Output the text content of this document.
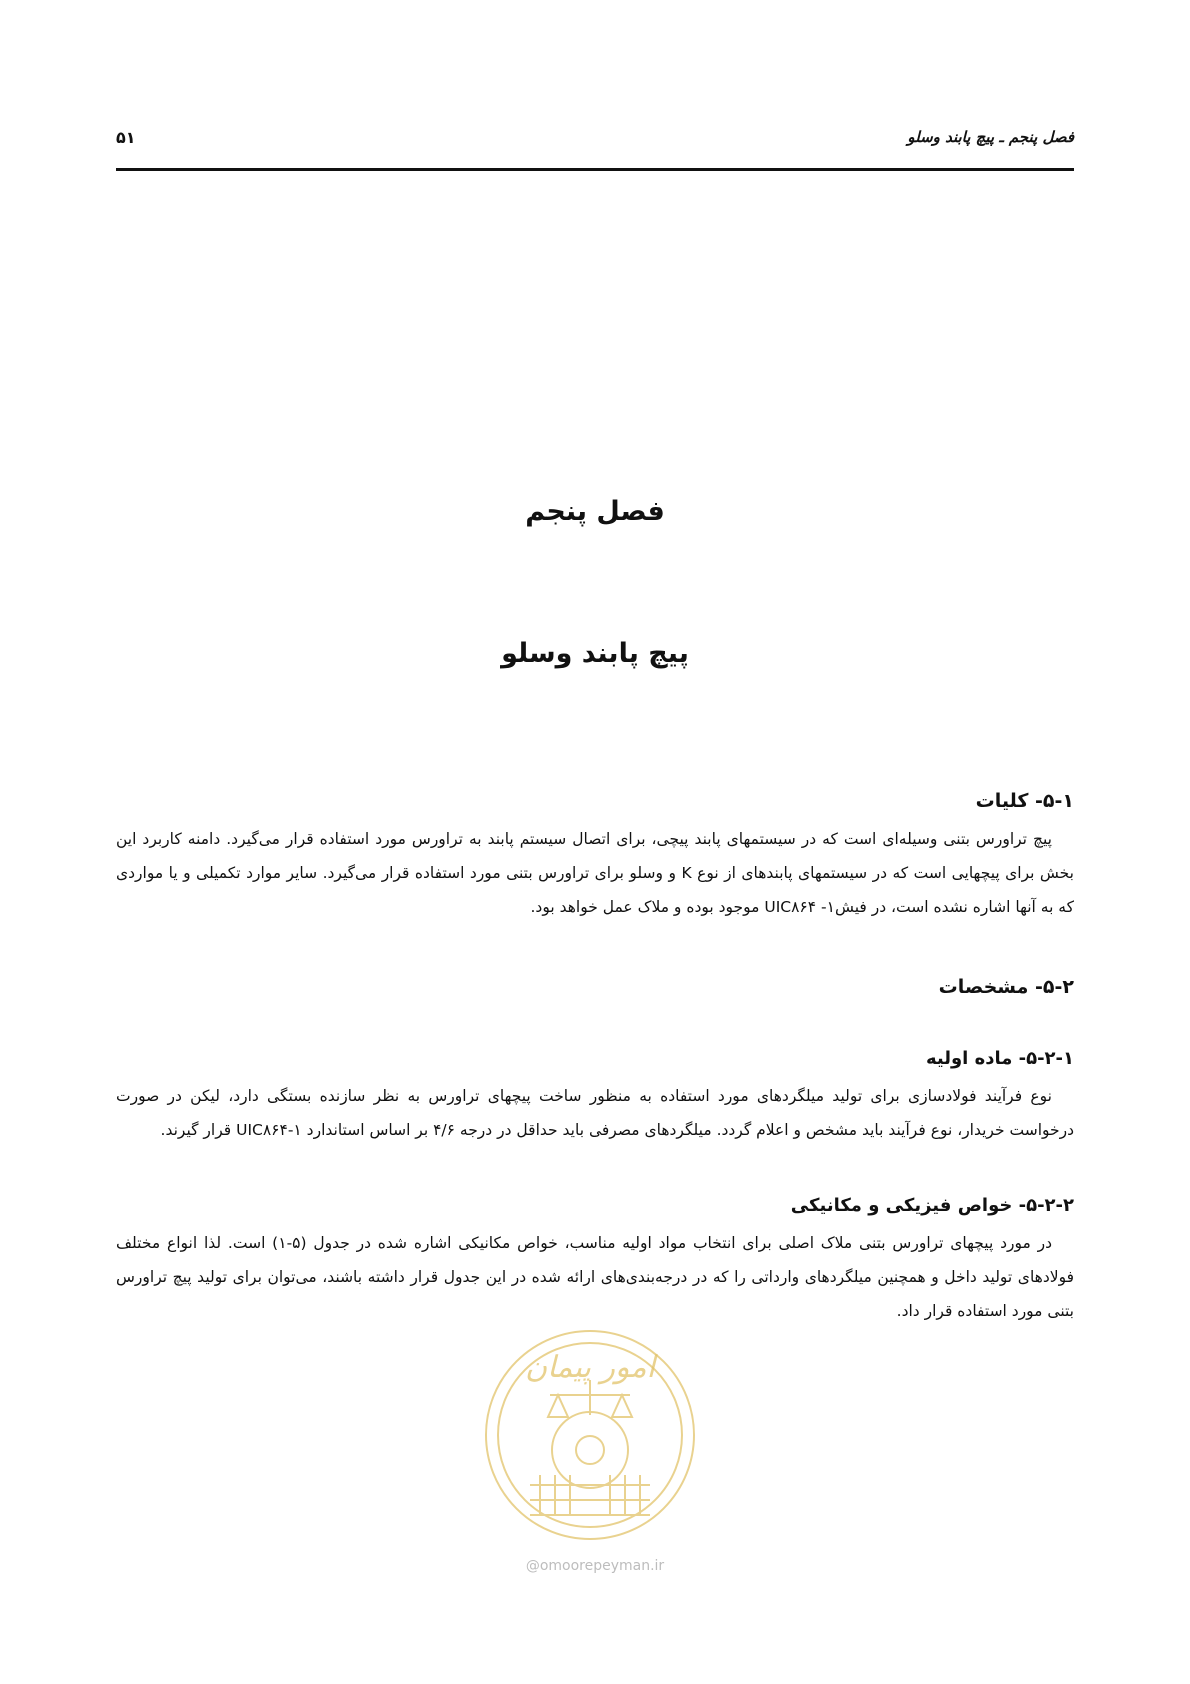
فصل پنجم ـ پیچ پابند وسلو
۵۱
فصل پنجم
پیچ پابند وسلو
۵-۱- کلیات

پیچ تراورس بتنی وسیله‌ای است که در سیستمهای پابند پیچی، برای اتصال سیستم پابند به تراورس مورد استفاده قرار می‌گیرد. دامنه کاربرد این بخش برای پیچهایی است که در سیستمهای پابندهای از نوع K و وسلو برای تراورس بتنی مورد استفاده قرار می‌گیرد. سایر موارد تکمیلی و یا مواردی که به آنها اشاره نشده است، در فیش۱- UIC۸۶۴ موجود بوده و ملاک عمل خواهد بود.

۵-۲- مشخصات
۵-۲-۱- ماده اولیه

نوع فرآیند فولادسازی برای تولید میلگردهای مورد استفاده به منظور ساخت پیچهای تراورس به نظر سازنده بستگی دارد، لیکن در صورت درخواست خریدار، نوع فرآیند باید مشخص و اعلام گردد. میلگردهای مصرفی باید حداقل در درجه ۴/۶ بر اساس استاندارد UIC۸۶۴-۱ قرار گیرند.

۵-۲-۲- خواص فیزیکی و مکانیکی

در مورد پیچهای تراورس بتنی ملاک اصلی برای انتخاب مواد اولیه مناسب، خواص مکانیکی اشاره شده در جدول (۵-۱) است. لذا انواع مختلف فولادهای تولید داخل و همچنین میلگردهای وارداتی را که در درجه‌بندی‌های ارائه شده در این جدول قرار داشته باشند، می‌توان برای تولید پیچ تراورس بتنی مورد استفاده قرار داد.

امور پیمان
@omoorepeyman.ir
